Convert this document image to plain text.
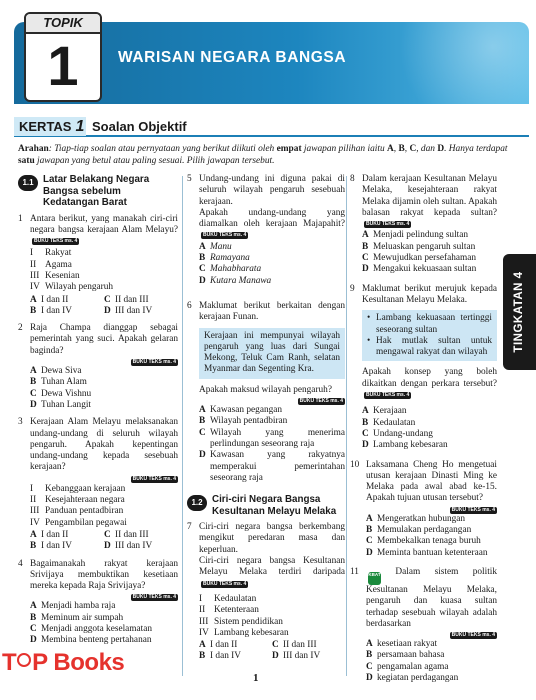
TOPIK
1	WARISAN NEGARA BANGSA
KERTAS 1 Soalan Objektif
Arahan: Tiap-tiap soalan atau pernyataan yang berikut diikuti oleh empat jawapan pilihan iaitu A, B, C, dan D. Hanya terdapat satu jawapan yang betul atau paling sesuai. Pilih jawapan tersebut.
1.1 Latar Belakang Negara Bangsa sebelum Kedatangan Barat
1 Antara berikut, yang manakah ciri-ciri negara bangsa kerajaan Alam Melayu? BUKU TEKS ms. 4

I	Rakyat
II Agama
III Kesenian
IV Wilayah pengaruh
A I dan II	C II dan III
B I dan IV	D III dan IV
2 Raja Champa dianggap sebagai pemerintah yang suci. Apakah gelaran baginda?

BUKU TEKS ms. 4
A Dewa Siva
B Tuhan Alam
C Dewa Vishnu
D Tuhan Langit
3 Kerajaan Alam Melayu melaksanakan undang-undang di seluruh wilayah pengaruh. Apakah kepentingan undang-undang kepada sesebuah kerajaan?

BUKU TEKS ms. 4
I	Kebanggaan kerajaan
II Kesejahteraan negara
III Panduan pentadbiran
IV Pengambilan pegawai
A I dan II	C II dan III
B I dan IV	D III dan IV
4 Bagaimanakah rakyat kerajaan Srivijaya membuktikan kesetiaan mereka kepada Raja Srivijaya?

BUKU TEKS ms. 4
A Menjadi hamba raja
B Meminum air sumpah
C Menjadi anggota keselamatan
D Membina benteng pertahanan
5 Undang-undang ini diguna pakai di seluruh wilayah pengaruh sesebuah kerajaan.

Apakah undang-undang yang diamalkan oleh kerajaan Majapahit? BUKU TEKS ms. 4

A Manu
B Ramayana
C Mahabharata
D Kutara Manawa
6 Maklumat berikut berkaitan dengan kerajaan Funan.

Kerajaan ini mempunyai wilayah pengaruh yang luas dari Sungai Mekong, Teluk Cam Ranh, selatan Myanmar dan Segenting Kra.

Apakah maksud wilayah pengaruh?

BUKU TEKS ms. 4
A Kawasan pegangan
B Wilayah pentadbiran
C Wilayah yang menerima perlindungan seseorang raja
D Kawasan yang rakyatnya memperakui pemerintahan seseorang raja
1.2 Ciri-ciri Negara Bangsa Kesultanan Melayu Melaka
7 Ciri-ciri negara bangsa berkembang mengikut peredaran masa dan keperluan.

Ciri-ciri negara bangsa Kesultanan Melayu Melaka terdiri daripada BUKU TEKS ms. 4

I	Kedaulatan
II Ketenteraan
III Sistem pendidikan
IV Lambang kebesaran
A I dan II	C II dan III
B I dan IV	D III dan IV
8 Dalam kerajaan Kesultanan Melayu Melaka, kesejahteraan rakyat Melaka dijamin oleh sultan. Apakah balasan rakyat kepada sultan? BUKU TEKS ms. 4

A Menjadi pelindung sultan
B Meluaskan pengaruh sultan
C Mewujudkan persefahaman
D Mengakui kekuasaan sultan
9 Maklumat berikut merujuk kepada Kesultanan Melayu Melaka.

• Lambang kekuasaan tertinggi seseorang sultan
• Hak mutlak sultan untuk mengawal rakyat dan wilayah

Apakah konsep yang boleh dikaitkan dengan perkara tersebut? BUKU TEKS ms. 4

A Kerajaan
B Kedaulatan
C Undang-undang
D Lambang kebesaran
10 Laksamana Cheng Ho mengetuai utusan kerajaan Dinasti Ming ke Melaka pada awal abad ke-15. Apakah tujuan utusan tersebut?

BUKU TEKS ms. 4
A Mengeratkan hubungan
B Memulakan perdagangan
C Membekalkan tenaga buruh
D Meminta bantuan ketenteraan
11	KBAT Dalam sistem politik Kesultanan Melayu Melaka, pengaruh dan kuasa sultan terhadap sesebuah wilayah adalah berdasarkan

BUKU TEKS ms. 4
A kesetiaan rakyat
B persamaan bahasa
C pengamalan agama
D kegiatan perdagangan
TINGKATAN 4
1
T P Books
